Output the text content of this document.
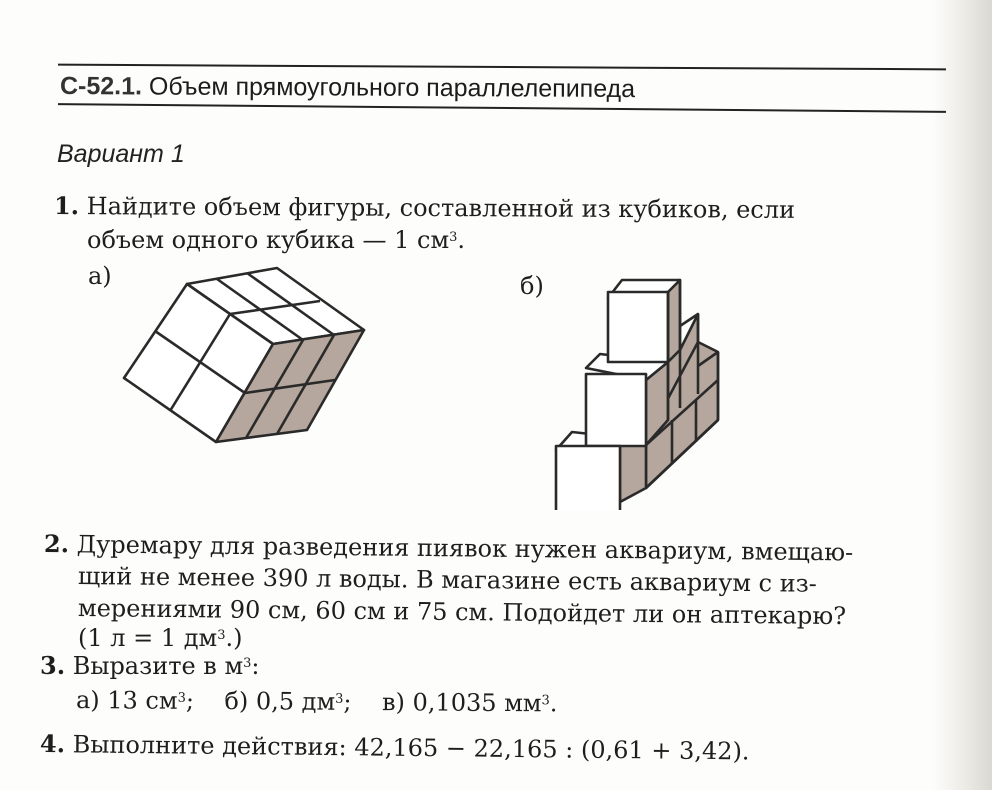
С-52.1. Объем прямоугольного параллелепипеда
Вариант 1
1. Найдите объем фигуры, составленной из кубиков, если
объем одного кубика — 1 $см^3$.
а)	б)
2. Дуремару для разведения пиявок нужен аквариум, вмещаю-
щий не менее 390 л воды. В магазине есть аквариум с из-
мерениями 90 см, 60 см и 75 см. Подойдет ли он аптекарю?
(1 л = 1 $дм^3$.)
3. Выразите в $м^3$:
а) 13 $см^3$; б) 0,5 $дм^3$; в) 0,1035 $мм^3$.
4. Выполните действия: 42,165 − 22,165 : (0,61 + 3,42).
